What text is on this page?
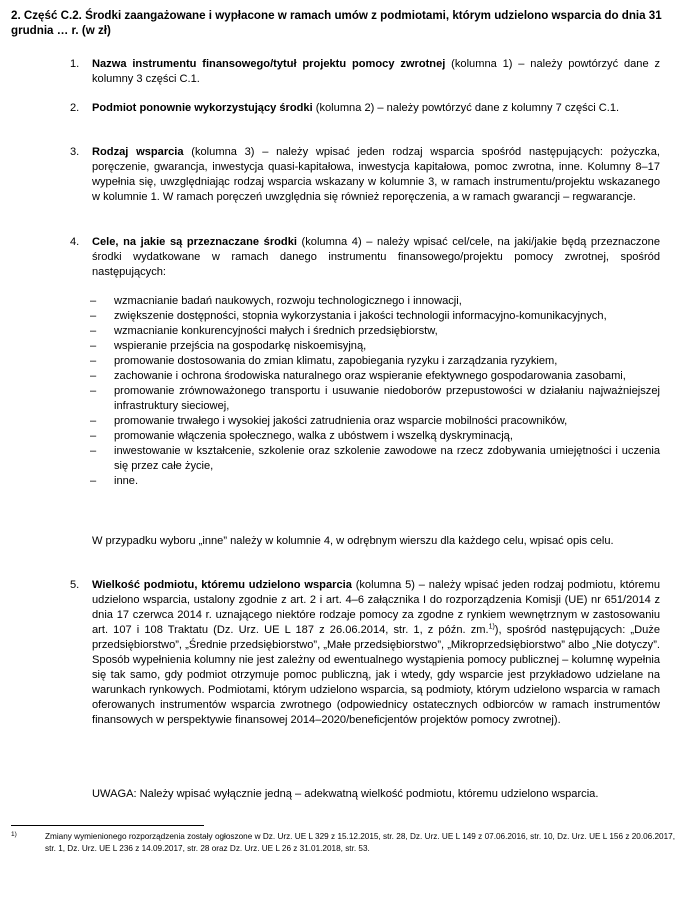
2. Część C.2. Środki zaangażowane i wypłacone w ramach umów z podmiotami, którym udzielono wsparcia do dnia 31 grudnia … r. (w zł)
1. Nazwa instrumentu finansowego/tytuł projektu pomocy zwrotnej (kolumna 1) – należy powtórzyć dane z kolumny 3 części C.1.
2. Podmiot ponownie wykorzystujący środki (kolumna 2) – należy powtórzyć dane z kolumny 7 części C.1.
3. Rodzaj wsparcia (kolumna 3) – należy wpisać jeden rodzaj wsparcia spośród następujących: pożyczka, poręczenie, gwarancja, inwestycja quasi-kapitałowa, inwestycja kapitałowa, pomoc zwrotna, inne. Kolumny 8–17 wypełnia się, uwzględniając rodzaj wsparcia wskazany w kolumnie 3, w ramach instrumentu/projektu wskazanego w kolumnie 1. W ramach poręczeń uwzględnia się również reporęczenia, a w ramach gwarancji – regwarancje.
4. Cele, na jakie są przeznaczane środki (kolumna 4) – należy wpisać cel/cele, na jaki/jakie będą przeznaczone środki wydatkowane w ramach danego instrumentu finansowego/projektu pomocy zwrotnej, spośród następujących:
– wzmacnianie badań naukowych, rozwoju technologicznego i innowacji,
– zwiększenie dostępności, stopnia wykorzystania i jakości technologii informacyjno-komunikacyjnych,
– wzmacnianie konkurencyjności małych i średnich przedsiębiorstw,
– wspieranie przejścia na gospodarkę niskoemisyjną,
– promowanie dostosowania do zmian klimatu, zapobiegania ryzyku i zarządzania ryzykiem,
– zachowanie i ochrona środowiska naturalnego oraz wspieranie efektywnego gospodarowania zasobami,
– promowanie zrównoważonego transportu i usuwanie niedoborów przepustowości w działaniu najważniejszej infrastruktury sieciowej,
– promowanie trwałego i wysokiej jakości zatrudnienia oraz wsparcie mobilności pracowników,
– promowanie włączenia społecznego, walka z ubóstwem i wszelką dyskryminacją,
– inwestowanie w kształcenie, szkolenie oraz szkolenie zawodowe na rzecz zdobywania umiejętności i uczenia się przez całe życie,
– inne.
W przypadku wyboru „inne” należy w kolumnie 4, w odrębnym wierszu dla każdego celu, wpisać opis celu.
5. Wielkość podmiotu, któremu udzielono wsparcia (kolumna 5) – należy wpisać jeden rodzaj podmiotu, któremu udzielono wsparcia, ustalony zgodnie z art. 2 i art. 4–6 załącznika I do rozporządzenia Komisji (UE) nr 651/2014 z dnia 17 czerwca 2014 r. uznającego niektóre rodzaje pomocy za zgodne z rynkiem wewnętrznym w zastosowaniu art. 107 i 108 Traktatu (Dz. Urz. UE L 187 z 26.06.2014, str. 1, z późn. zm.$^{1)}$), spośród następujących: „Duże przedsiębiorstwo”, „Średnie przedsiębiorstwo”, „Małe przedsiębiorstwo”, „Mikroprzedsiębiorstwo” albo „Nie dotyczy”. Sposób wypełnienia kolumny nie jest zależny od ewentualnego wystąpienia pomocy publicznej – kolumnę wypełnia się tak samo, gdy podmiot otrzymuje pomoc publiczną, jak i wtedy, gdy wsparcie jest przykładowo udzielane na warunkach rynkowych. Podmiotami, którym udzielono wsparcia, są podmioty, którym udzielono wsparcia w ramach oferowanych instrumentów wsparcia zwrotnego (odpowiednicy ostatecznych odbiorców w ramach instrumentów finansowych w perspektywie finansowej 2014–2020/beneficjentów projektów pomocy zwrotnej).
UWAGA: Należy wpisać wyłącznie jedną – adekwatną wielkość podmiotu, któremu udzielono wsparcia.
1)	Zmiany wymienionego rozporządzenia zostały ogłoszone w Dz. Urz. UE L 329 z 15.12.2015, str. 28, Dz. Urz. UE L 149 z 07.06.2016, str. 10, Dz. Urz. UE L 156 z 20.06.2017, str. 1, Dz. Urz. UE L 236 z 14.09.2017, str. 28 oraz Dz. Urz. UE L 26 z 31.01.2018, str. 53.
